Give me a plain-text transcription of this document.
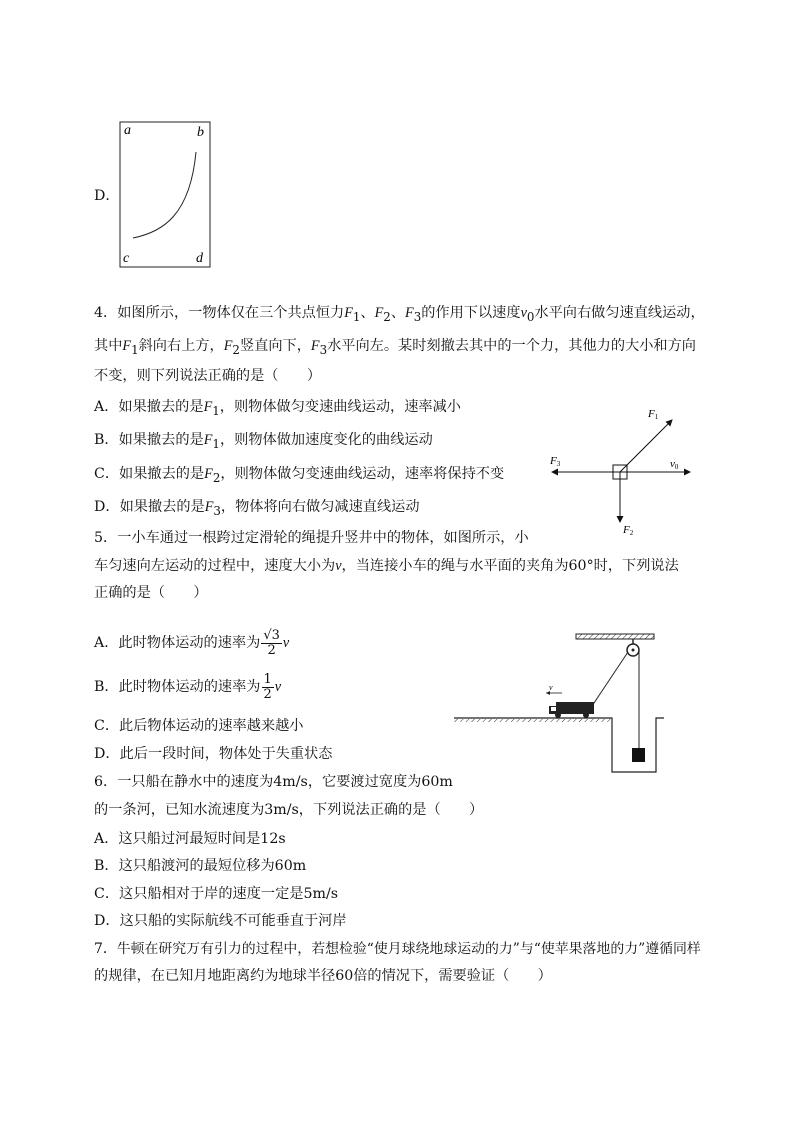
D．
a	b
c	d
4．如图所示，一物体仅在三个共点恒力$F_1$、$F_2$、$F_3$的作用下以速度$v_0$水平向右做匀速直线运动，
其中$F_1$斜向右上方，$F_2$竖直向下，$F_3$水平向左。某时刻撤去其中的一个力，其他力的大小和方向
不变，则下列说法正确的是（　　）
A．如果撤去的是$F_1$，则物体做匀变速曲线运动，速率减小
B．如果撤去的是$F_1$，则物体做加速度变化的曲线运动
C．如果撤去的是$F_2$，则物体做匀变速曲线运动，速率将保持不变
D．如果撤去的是$F_3$，物体将向右做匀减速直线运动
F1
F2
F3	v0
5．一小车通过一根跨过定滑轮的绳提升竖井中的物体，如图所示，小
车匀速向左运动的过程中，速度大小为v，当连接小车的绳与水平面的夹角为60°时，下列说法
正确的是（　　）
A．此时物体运动的速率为 $\frac{√3}{2}$ v
B．此时物体运动的速率为 $\frac{1}{2}$ v
C．此后物体运动的速率越来越小
D．此后一段时间，物体处于失重状态
v
6．一只船在静水中的速度为4m/s，它要渡过宽度为60m
的一条河，已知水流速度为3m/s，下列说法正确的是（　　）
A．这只船过河最短时间是12s
B．这只船渡河的最短位移为60m
C．这只船相对于岸的速度一定是5m/s
D．这只船的实际航线不可能垂直于河岸
7．牛顿在研究万有引力的过程中，若想检验“使月球绕地球运动的力”与“使苹果落地的力”遵循同样
的规律，在已知月地距离约为地球半径60倍的情况下，需要验证（　　）
